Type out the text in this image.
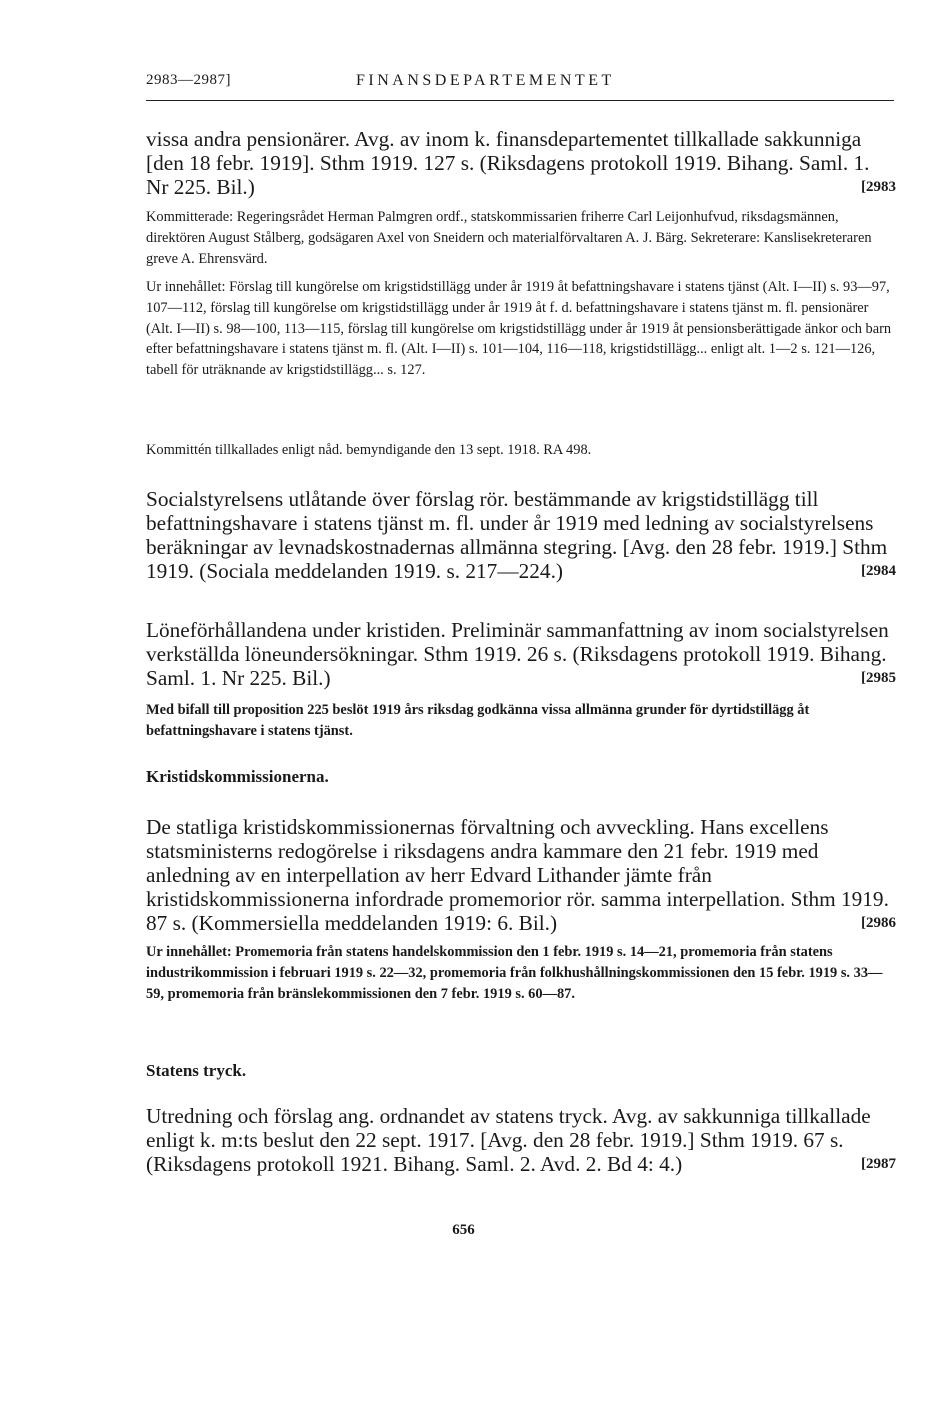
2983—2987]	FINANSDEPARTEMENTET

vissa andra pensionärer. Avg. av inom k. finansdepartementet tillkallade sakkunniga [den 18 febr. 1919]. Sthm 1919. 127 s. (Riksdagens protokoll 1919. Bihang. Saml. 1. Nr 225. Bil.)	[2983

Kommitterade: Regeringsrådet Herman Palmgren ordf., statskommissarien friherre Carl Leijonhufvud, riksdagsmännen, direktören August Stålberg, godsägaren Axel von Sneidern och materialförvaltaren A. J. Bärg. Sekreterare: Kanslisekreteraren greve A. Ehrensvärd.
Ur innehållet: Förslag till kungörelse om krigstidstillägg under år 1919 åt befattningshavare i statens tjänst (Alt. I—II) s. 93—97, 107—112, förslag till kungörelse om krigstidstillägg under år 1919 åt f. d. befattningshavare i statens tjänst m. fl. pensionärer (Alt. I—II) s. 98—100, 113—115, förslag till kungörelse om krigstidstillägg under år 1919 åt pensionsberättigade änkor och barn efter befattningshavare i statens tjänst m. fl. (Alt. I—II) s. 101—104, 116—118, krigstidstillägg... enligt alt. 1—2 s. 121—126, tabell för uträknande av krigstidstillägg... s. 127.
Kommittén tillkallades enligt nåd. bemyndigande den 13 sept. 1918. RA 498.

Socialstyrelsens utlåtande över förslag rör. bestämmande av krigstidstillägg till befattningshavare i statens tjänst m. fl. under år 1919 med ledning av socialstyrelsens beräkningar av levnadskostnadernas allmänna stegring. [Avg. den 28 febr. 1919.] Sthm 1919. (Sociala meddelanden 1919. s. 217—224.)	[2984

Löneförhållandena under kristiden. Preliminär sammanfattning av inom socialstyrelsen verkställda löneundersökningar. Sthm 1919. 26 s. (Riksdagens protokoll 1919. Bihang. Saml. 1. Nr 225. Bil.)	[2985

Med bifall till proposition 225 beslöt 1919 års riksdag godkänna vissa allmänna grunder för dyrtidstillägg åt befattningshavare i statens tjänst.
Kristidskommissionerna.

De statliga kristidskommissionernas förvaltning och avveckling. Hans excellens statsministerns redogörelse i riksdagens andra kammare den 21 febr. 1919 med anledning av en interpellation av herr Edvard Lithander jämte från kristidskommissionerna infordrade promemorior rör. samma interpellation. Sthm 1919. 87 s. (Kommersiella meddelanden 1919: 6. Bil.)	[2986

Ur innehållet: Promemoria från statens handelskommission den 1 febr. 1919 s. 14—21, promemoria från statens industrikommission i februari 1919 s. 22—32, promemoria från folkhushållningskommissionen den 15 febr. 1919 s. 33—59, promemoria från bränslekommissionen den 7 febr. 1919 s. 60—87.
Statens tryck.

Utredning och förslag ang. ordnandet av statens tryck. Avg. av sakkunniga tillkallade enligt k. m:ts beslut den 22 sept. 1917. [Avg. den 28 febr. 1919.] Sthm 1919. 67 s. (Riksdagens protokoll 1921. Bihang. Saml. 2. Avd. 2. Bd 4: 4.)	[2987

656
